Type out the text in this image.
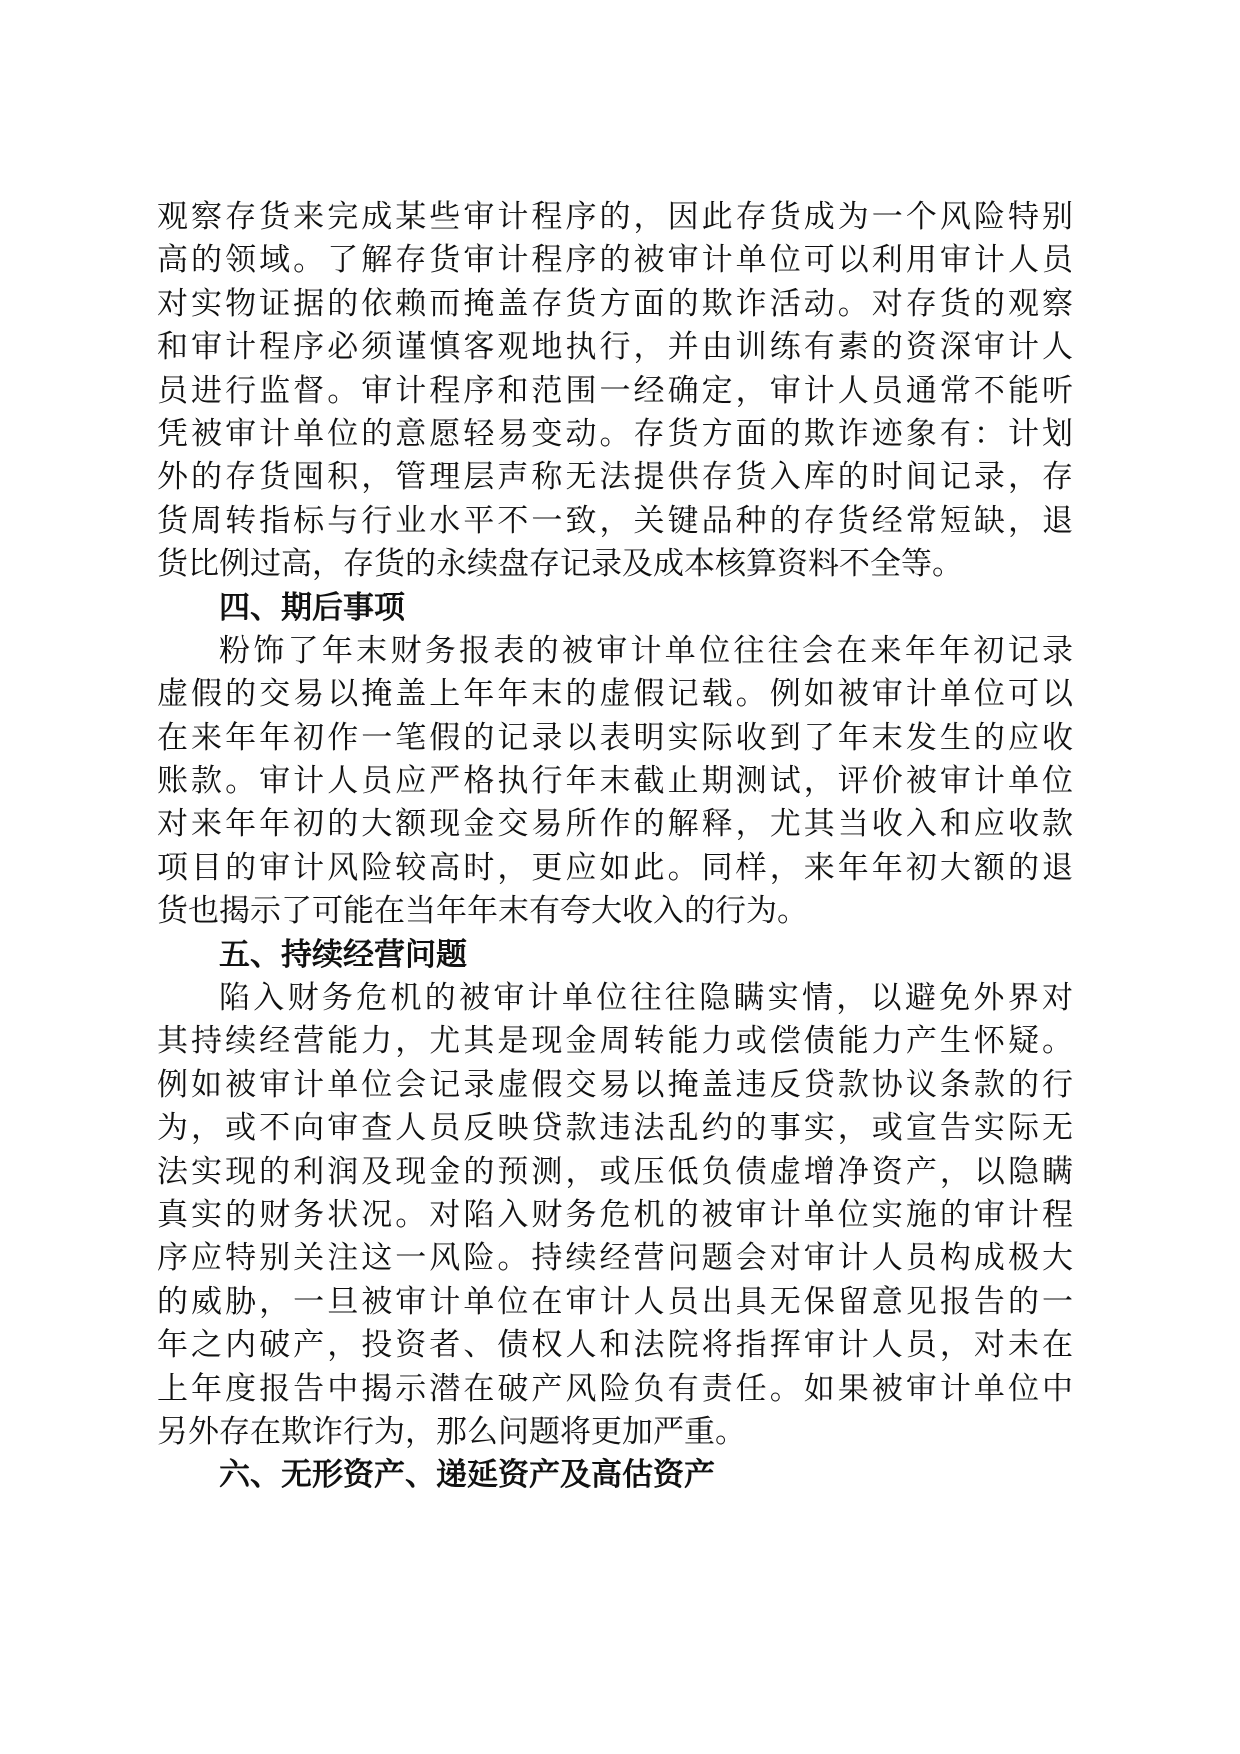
观察存货来完成某些审计程序的，因此存货成为一个风险特别
高的领域。了解存货审计程序的被审计单位可以利用审计人员
对实物证据的依赖而掩盖存货方面的欺诈活动。对存货的观察
和审计程序必须谨慎客观地执行，并由训练有素的资深审计人
员进行监督。审计程序和范围一经确定，审计人员通常不能听
凭被审计单位的意愿轻易变动。存货方面的欺诈迹象有：计划
外的存货囤积，管理层声称无法提供存货入库的时间记录，存
货周转指标与行业水平不一致，关键品种的存货经常短缺，退
货比例过高，存货的永续盘存记录及成本核算资料不全等。
四、期后事项
粉饰了年末财务报表的被审计单位往往会在来年年初记录
虚假的交易以掩盖上年年末的虚假记载。例如被审计单位可以
在来年年初作一笔假的记录以表明实际收到了年末发生的应收
账款。审计人员应严格执行年末截止期测试，评价被审计单位
对来年年初的大额现金交易所作的解释，尤其当收入和应收款
项目的审计风险较高时，更应如此。同样，来年年初大额的退
货也揭示了可能在当年年末有夸大收入的行为。
五、持续经营问题
陷入财务危机的被审计单位往往隐瞒实情，以避免外界对
其持续经营能力，尤其是现金周转能力或偿债能力产生怀疑。
例如被审计单位会记录虚假交易以掩盖违反贷款协议条款的行
为，或不向审查人员反映贷款违法乱约的事实，或宣告实际无
法实现的利润及现金的预测，或压低负债虚增净资产，以隐瞒
真实的财务状况。对陷入财务危机的被审计单位实施的审计程
序应特别关注这一风险。持续经营问题会对审计人员构成极大
的威胁，一旦被审计单位在审计人员出具无保留意见报告的一
年之内破产，投资者、债权人和法院将指挥审计人员，对未在
上年度报告中揭示潜在破产风险负有责任。如果被审计单位中
另外存在欺诈行为，那么问题将更加严重。
六、无形资产、递延资产及高估资产
